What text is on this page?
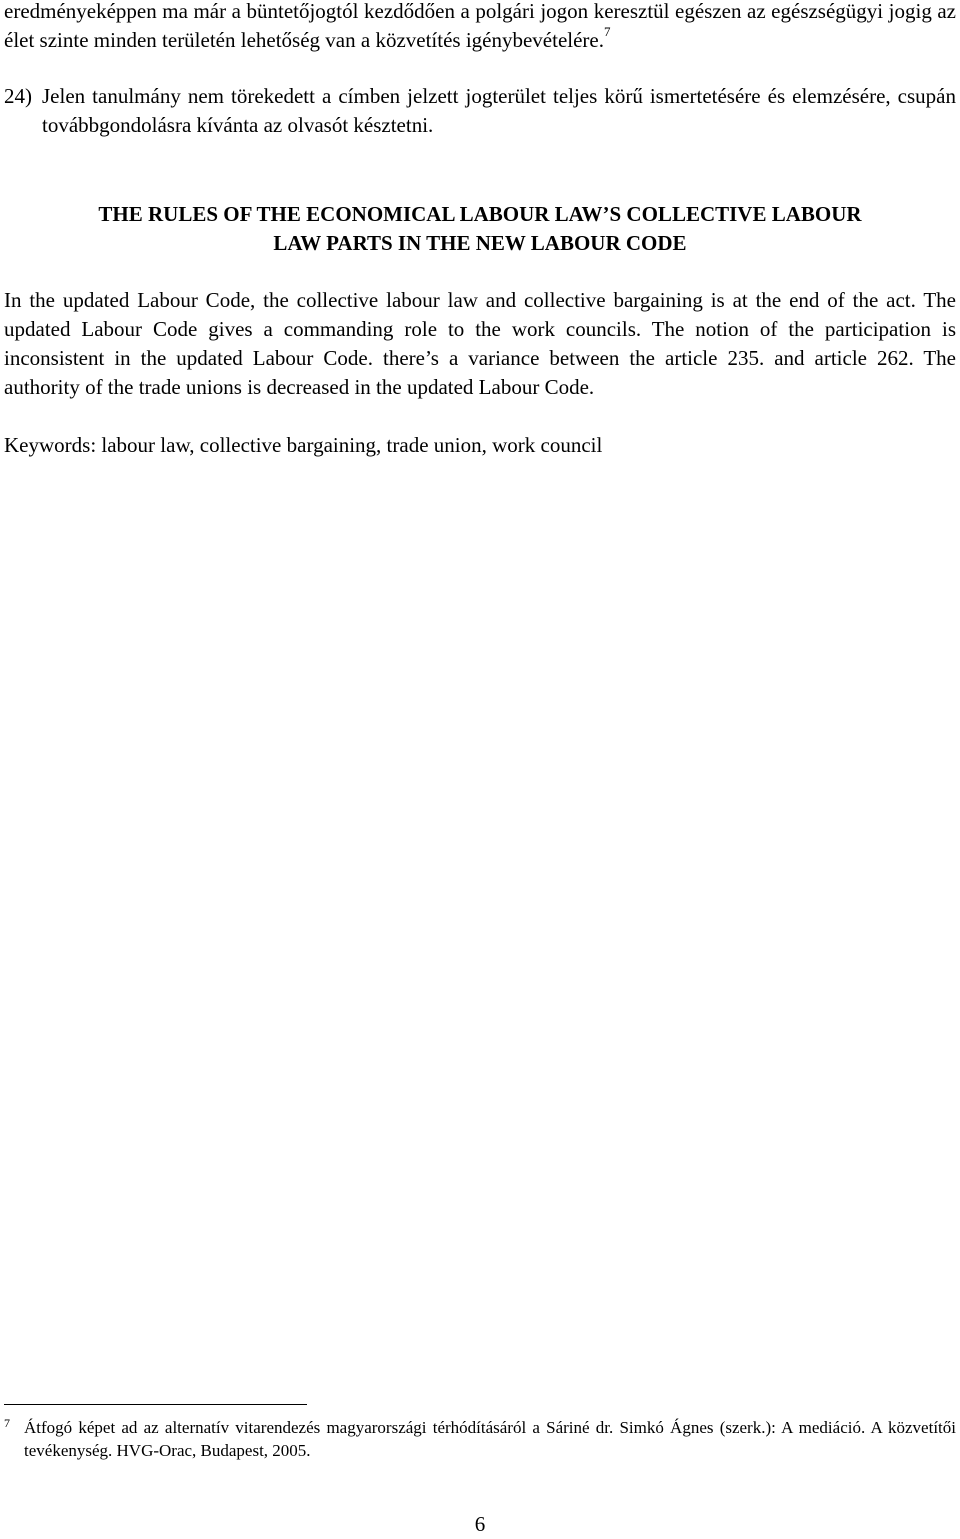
eredményeképpen ma már a büntetőjogtól kezdődően a polgári jogon keresztül egészen az egészségügyi jogig az élet szinte minden területén lehetőség van a közvetítés igénybevételére.$^7$

24) Jelen tanulmány nem törekedett a címben jelzett jogterület teljes körű ismertetésére és elemzésére, csupán továbbgondolásra kívánta az olvasót késztetni.
THE RULES OF THE ECONOMICAL LABOUR LAW’S COLLECTIVE LABOUR
LAW PARTS IN THE NEW LABOUR CODE

In the updated Labour Code, the collective labour law and collective bargaining is at the end of the act. The updated Labour Code gives a commanding role to the work councils. The notion of the participation is inconsistent in the updated Labour Code. there’s a variance between the article 235. and article 262. The authority of the trade unions is decreased in the updated Labour Code.

Keywords: labour law, collective bargaining, trade union, work council

7 Átfogó képet ad az alternatív vitarendezés magyarországi térhódításáról a Sáriné dr. Simkó Ágnes (szerk.): A mediáció. A közvetítői tevékenység. HVG-Orac, Budapest, 2005.
6
